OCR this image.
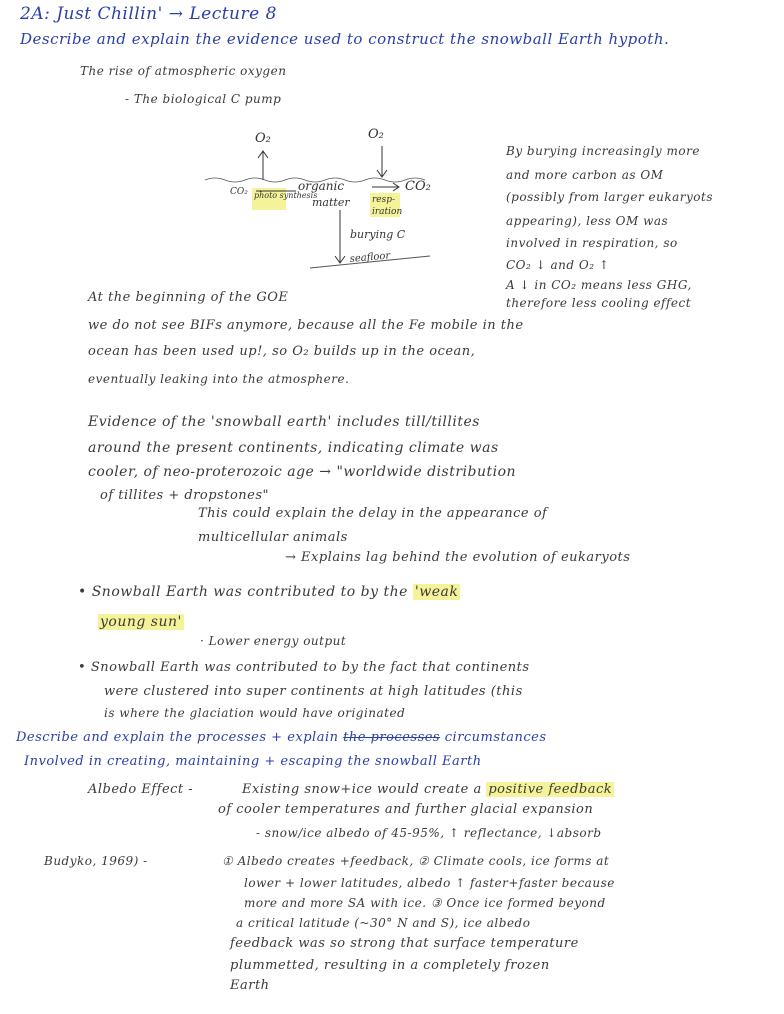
2A: Just Chillin' → Lecture 8
Describe and explain the evidence used to construct the snowball Earth hypoth.
The rise of atmospheric oxygen
- The biological C pump
O₂	O₂
CO₂ photo synthesis
organic
matter resp-
iration
CO₂
burying C
seafloor
By burying increasingly more
and more carbon as OM
(possibly from larger eukaryots
appearing), less OM was
involved in respiration, so
CO₂ ↓ and O₂ ↑
A ↓ in CO₂ means less GHG,
therefore less cooling effect
At the beginning of the GOE
we do not see BIFs anymore, because all the Fe mobile in the
ocean has been used up!, so O₂ builds up in the ocean,
eventually leaking into the atmosphere.
Evidence of the 'snowball earth' includes till/tillites
around the present continents, indicating climate was
cooler, of neo-proterozoic age → "worldwide distribution
of tillites + dropstones"
This could explain the delay in the appearance of
multicellular animals
→ Explains lag behind the evolution of eukaryots
• Snowball Earth was contributed to by the 'weak
young sun'
· Lower energy output
• Snowball Earth was contributed to by the fact that continents
were clustered into super continents at high latitudes (this
is where the glaciation would have originated
Describe and explain the processes + explain the processes circumstances
Involved in creating, maintaining + escaping the snowball Earth
Albedo Effect -	Existing snow+ice would create a positive feedback
of cooler temperatures and further glacial expansion
- snow/ice albedo of 45-95%, ↑ reflectance, ↓absorb
Budyko, 1969) -	① Albedo creates +feedback, ② Climate cools, ice forms at
lower + lower latitudes, albedo ↑ faster+faster because
more and more SA with ice. ③ Once ice formed beyond
a critical latitude (~30° N and S), ice albedo
feedback was so strong that surface temperature
plummetted, resulting in a completely frozen
Earth
